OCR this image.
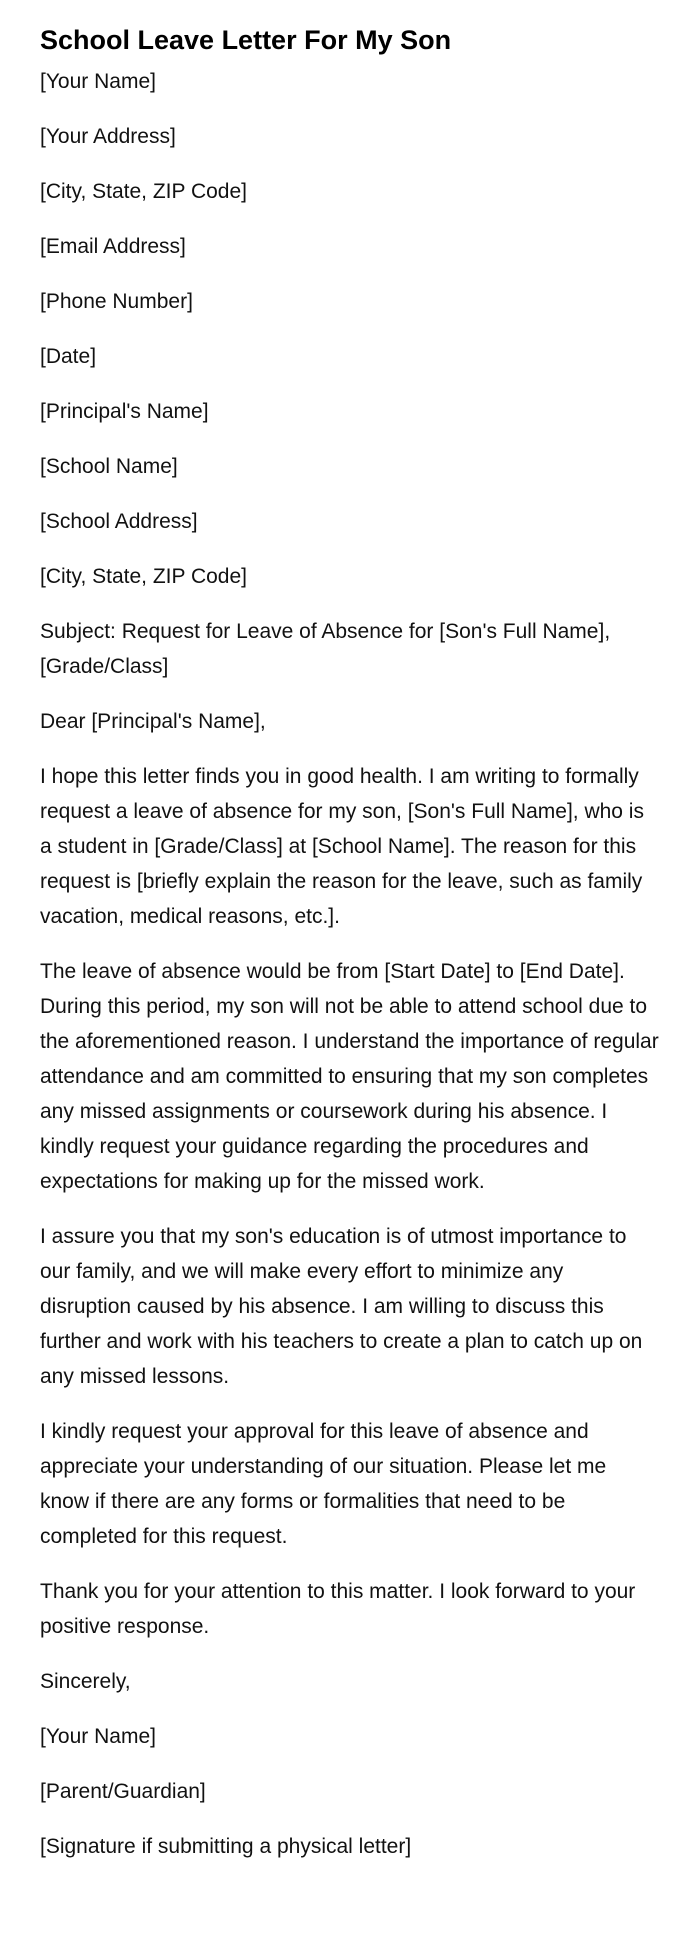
School Leave Letter For My Son

[Your Name]

[Your Address]

[City, State, ZIP Code]

[Email Address]

[Phone Number]

[Date]

[Principal's Name]

[School Name]

[School Address]

[City, State, ZIP Code]

Subject: Request for Leave of Absence for [Son's Full Name], [Grade/Class]

Dear [Principal's Name],

I hope this letter finds you in good health. I am writing to formally request a leave of absence for my son, [Son's Full Name], who is a student in [Grade/Class] at [School Name]. The reason for this request is [briefly explain the reason for the leave, such as family vacation, medical reasons, etc.].

The leave of absence would be from [Start Date] to [End Date]. During this period, my son will not be able to attend school due to the aforementioned reason. I understand the importance of regular attendance and am committed to ensuring that my son completes any missed assignments or coursework during his absence. I kindly request your guidance regarding the procedures and expectations for making up for the missed work.

I assure you that my son's education is of utmost importance to our family, and we will make every effort to minimize any disruption caused by his absence. I am willing to discuss this further and work with his teachers to create a plan to catch up on any missed lessons.

I kindly request your approval for this leave of absence and appreciate your understanding of our situation. Please let me know if there are any forms or formalities that need to be completed for this request.

Thank you for your attention to this matter. I look forward to your positive response.

Sincerely,

[Your Name]

[Parent/Guardian]

[Signature if submitting a physical letter]
